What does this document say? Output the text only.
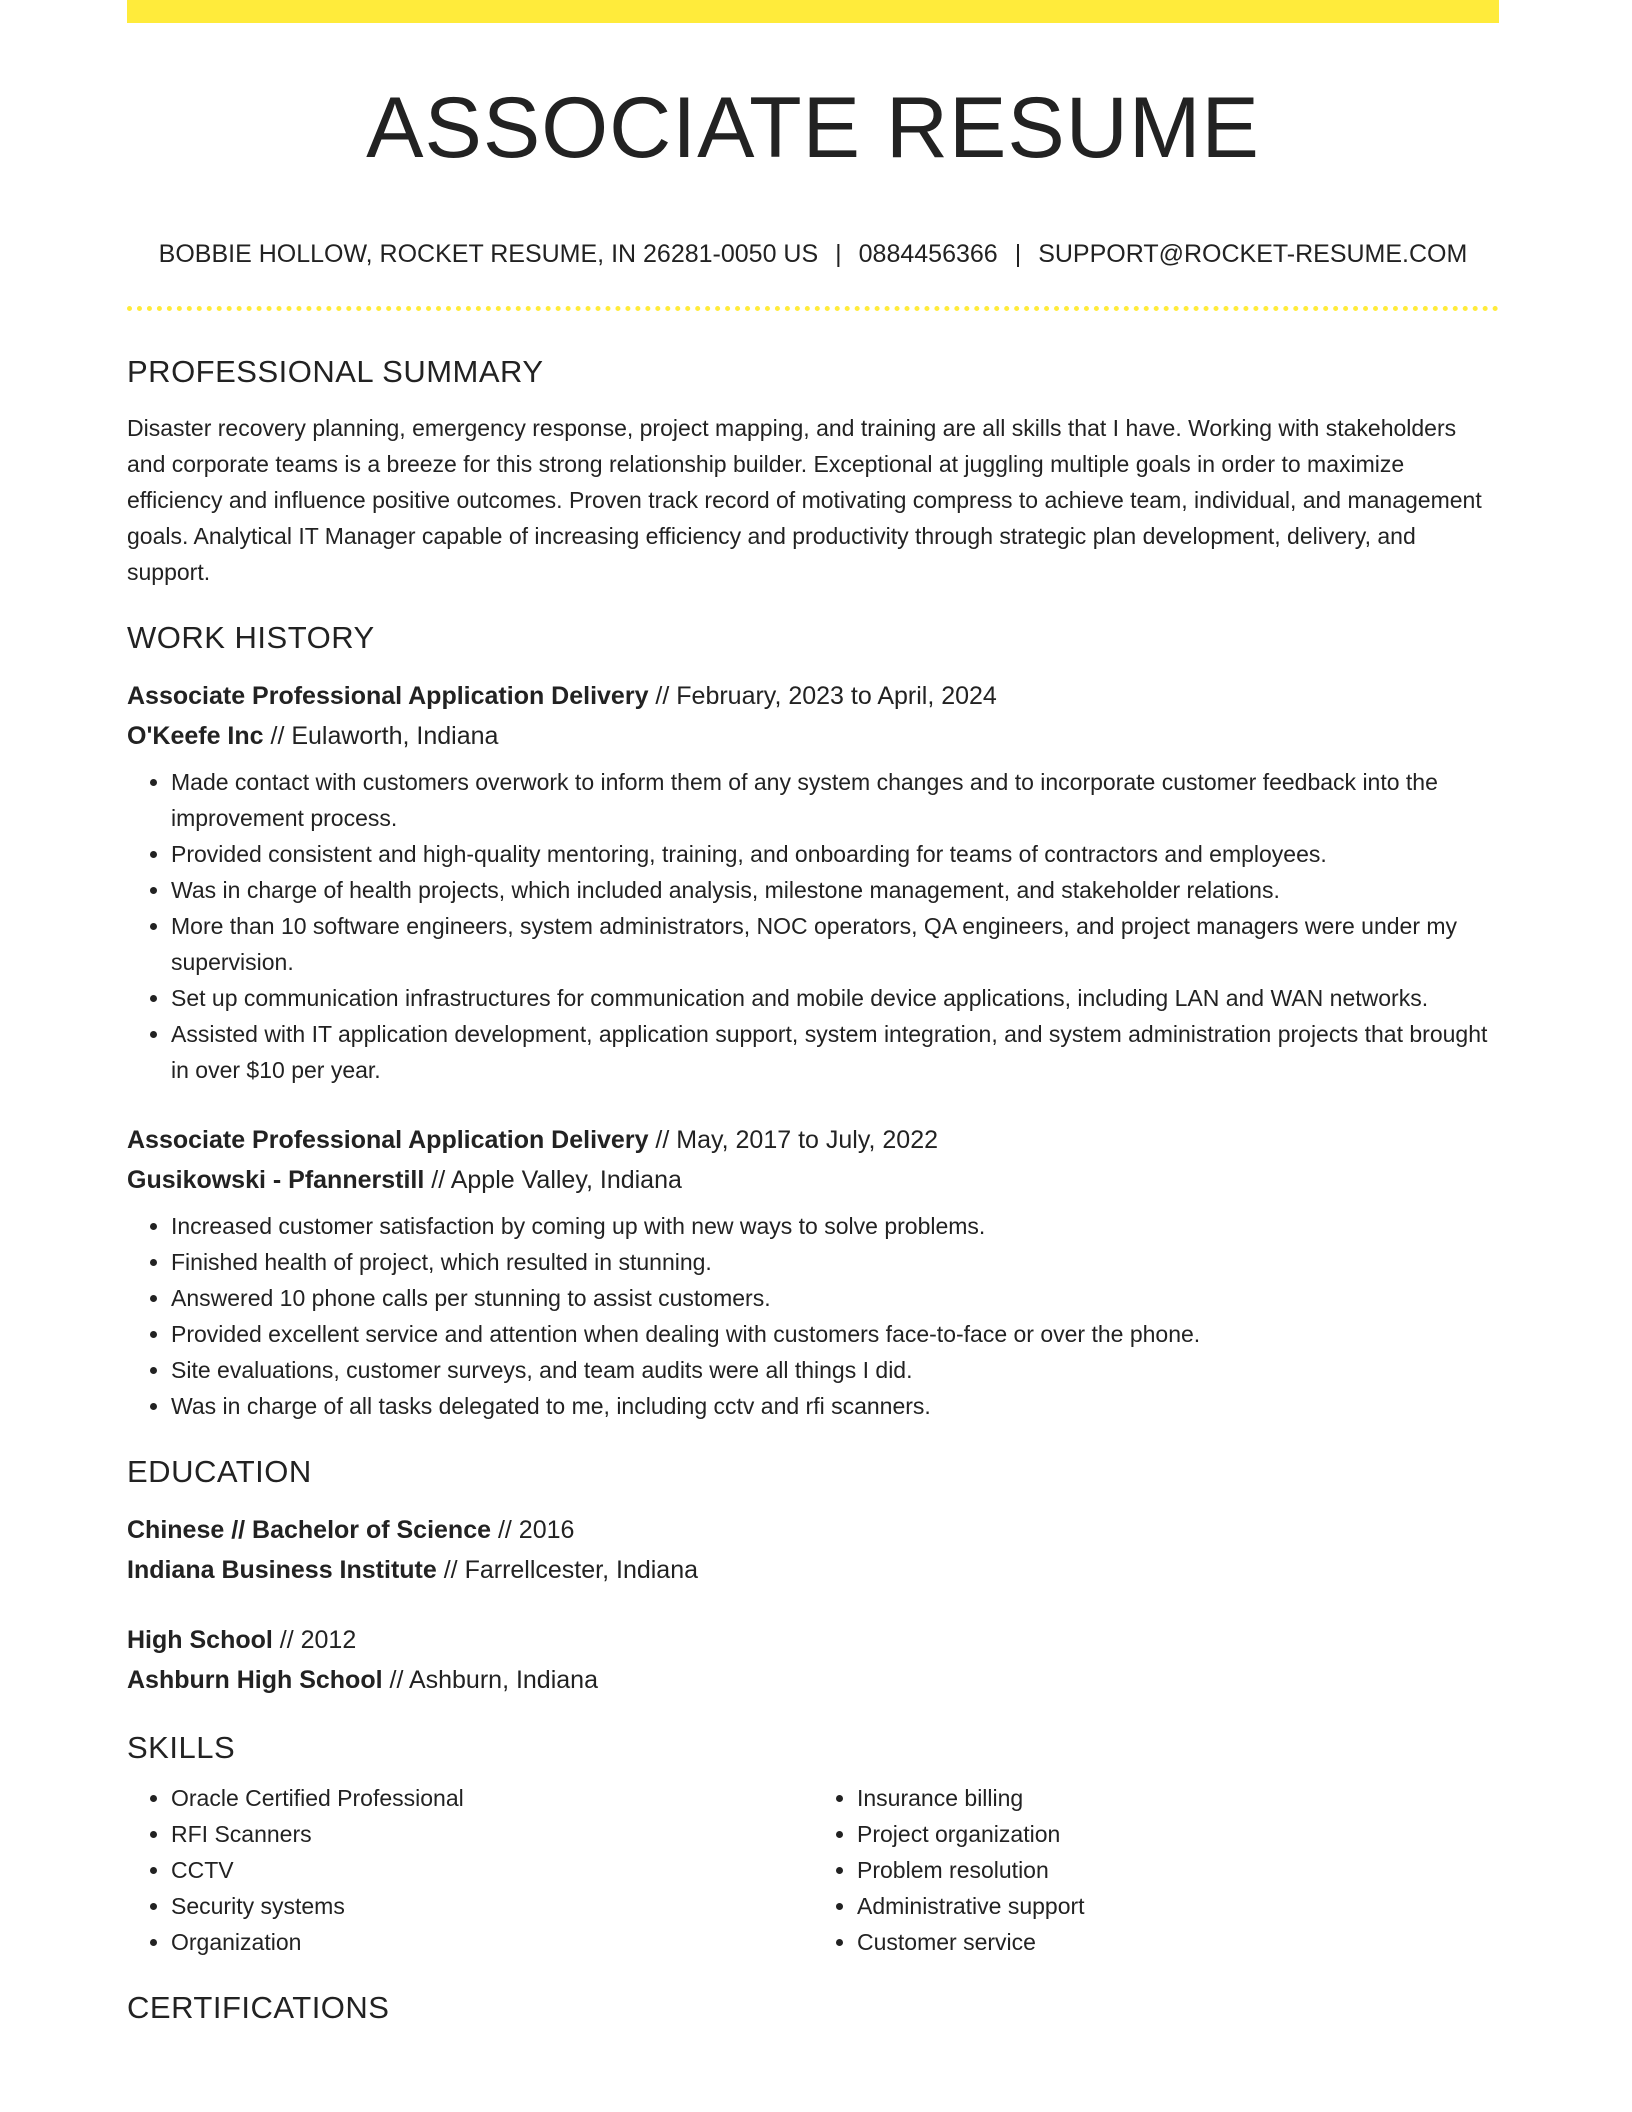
ASSOCIATE RESUME
BOBBIE HOLLOW, ROCKET RESUME, IN 26281-0050 US | 0884456366 | SUPPORT@ROCKET-RESUME.COM
PROFESSIONAL SUMMARY

Disaster recovery planning, emergency response, project mapping, and training are all skills that I have. Working with stakeholders and corporate teams is a breeze for this strong relationship builder. Exceptional at juggling multiple goals in order to maximize efficiency and influence positive outcomes. Proven track record of motivating compress to achieve team, individual, and management goals. Analytical IT Manager capable of increasing efficiency and productivity through strategic plan development, delivery, and support.

WORK HISTORY

Associate Professional Application Delivery // February, 2023 to April, 2024

O'Keefe Inc // Eulaworth, Indiana

• Made contact with customers overwork to inform them of any system changes and to incorporate customer feedback into the improvement process.
• Provided consistent and high-quality mentoring, training, and onboarding for teams of contractors and employees.
• Was in charge of health projects, which included analysis, milestone management, and stakeholder relations.
• More than 10 software engineers, system administrators, NOC operators, QA engineers, and project managers were under my supervision.
• Set up communication infrastructures for communication and mobile device applications, including LAN and WAN networks.
• Assisted with IT application development, application support, system integration, and system administration projects that brought in over $10 per year.

Associate Professional Application Delivery // May, 2017 to July, 2022

Gusikowski - Pfannerstill // Apple Valley, Indiana

• Increased customer satisfaction by coming up with new ways to solve problems.
• Finished health of project, which resulted in stunning.
• Answered 10 phone calls per stunning to assist customers.
• Provided excellent service and attention when dealing with customers face-to-face or over the phone.
• Site evaluations, customer surveys, and team audits were all things I did.
• Was in charge of all tasks delegated to me, including cctv and rfi scanners.
EDUCATION

Chinese // Bachelor of Science // 2016

Indiana Business Institute // Farrellcester, Indiana

High School // 2012

Ashburn High School // Ashburn, Indiana

SKILLS
• Oracle Certified Professional
• RFI Scanners
• CCTV
• Security systems
• Organization
• Insurance billing
• Project organization
• Problem resolution
• Administrative support
• Customer service
CERTIFICATIONS
